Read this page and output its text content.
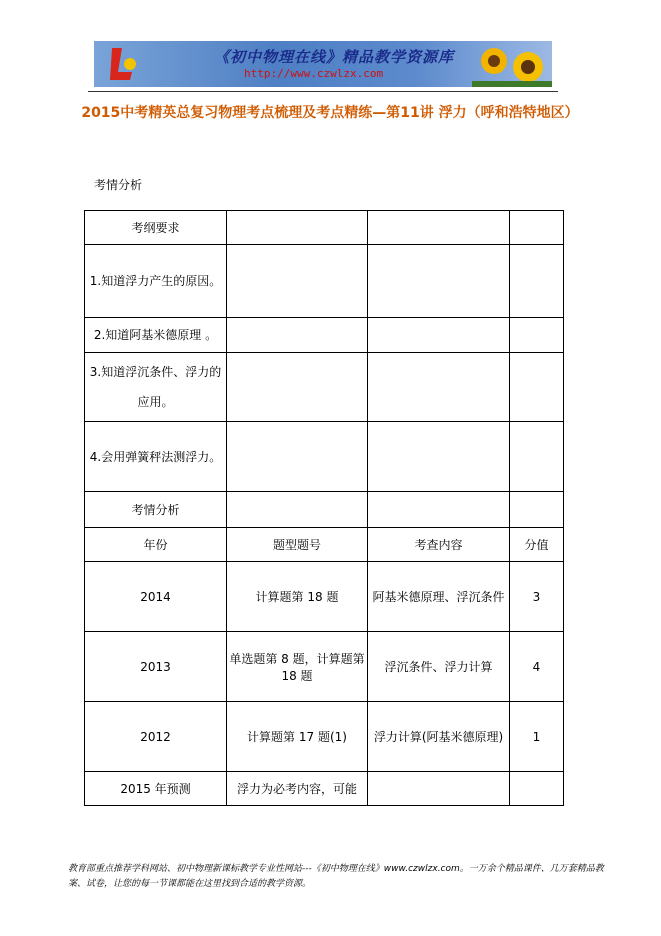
《初中物理在线》精品教学资源库
http://www.czwlzx.com
2015中考精英总复习物理考点梳理及考点精练—第11讲 浮力（呼和浩特地区）
考情分析
考纲要求			
1.知道浮力产生的原因。			
2.知道阿基米德原理 。			
3.知道浮沉条件、浮力的应用。			
4.会用弹簧秤法测浮力。			
考情分析			
年份	题型题号	考查内容	分值
2014	计算题第 18 题	阿基米德原理、浮沉条件	3
2013	单选题第 8 题，计算题第 18 题	浮沉条件、浮力计算	4
2012	计算题第 17 题(1)	浮力计算(阿基米德原理)	1
2015 年预测	浮力为必考内容，可能		
教育部重点推荐学科网站、初中物理新课标教学专业性网站---《初中物理在线》www.czwlzx.com。一万余个精品课件、几万套精品教案、试卷，让您的每一节课都能在这里找到合适的教学资源。
